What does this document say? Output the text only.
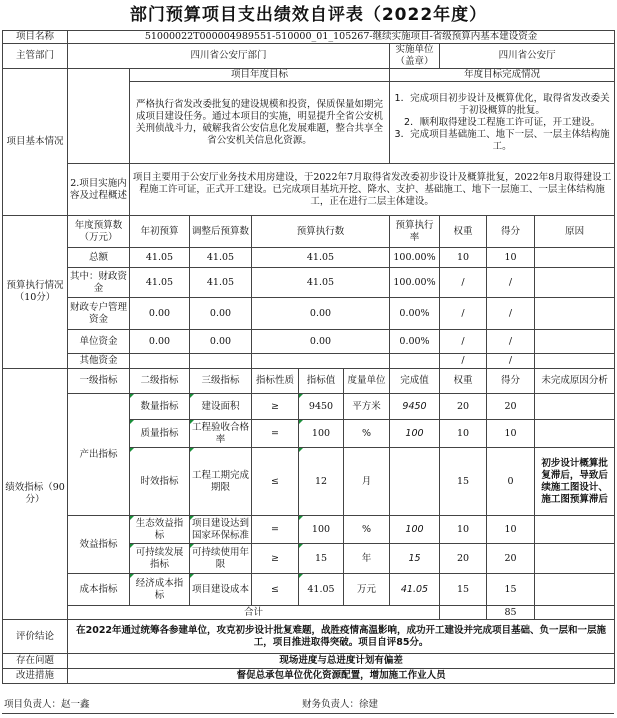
部门预算项目支出绩效自评表（2022年度）
项目名称	51000022T000004989551-510000_01_105267-继续实施项目-省级预算内基本建设资金									
主管部门	四川省公安厅部门						实施单位（盖章）	四川省公安厅		
项目基本情况		项目年度目标					年度目标完成情况			
		严格执行省发改委批复的建设规模和投资，保质保量如期完成项目建设任务。通过本项目的实施，明显提升全省公安机关刑侦战斗力，破解我省公安信息化发展难题，整合共享全省公安机关信息化资源。					1．完成项目初步设计及概算优化，取得省发改委关于初设概算的批复。
2．顺利取得建设工程施工许可证，开工建设。
3．完成项目基础施工、地下一层、一层主体结构施工。			

	2.项目实施内容及过程概述	项目主要用于公安厅业务技术用房建设，于2022年7月取得省发改委初步设计及概算批复，2022年8月取得建设工程施工许可证，正式开工建设。已完成项目基坑开挖、降水、支护、基础施工、地下一层施工、一层主体结构施工，正在进行二层主体建设。								
预算执行情况（10分）	年度预算数（万元）	年初预算	调整后预算数	预算执行数			预算执行率	权重	得分	原因
	总额	41.05	41.05	41.05			100.00%	10	10	
	其中：财政资金	41.05	41.05	41.05			100.00%	/	/	
	财政专户管理资金	0.00	0.00	0.00			0.00%	/	/	
	单位资金	0.00	0.00	0.00			0.00%	/	/	
	其他资金							/	/	
绩效指标（90分）	一级指标	二级指标	三级指标	指标性质	指标值	度量单位	完成值	权重	得分	未完成原因分析
	产出指标	数量指标	建设面积	≥	9450	平方米	9450	20	20	
		质量指标	工程验收合格率	=	100	%	100	10	10	
		时效指标	工程工期完成期限	≤	12	月		15	0	初步设计概算批复滞后，导致后续施工图设计、施工图预算滞后
	效益指标	生态效益指标	项目建设达到国家环保标准	=	100	%	100	10	10	
		可持续发展指标	可持续使用年限	≥	15	年	15	20	20	
	成本指标	经济成本指标	项目建设成本	≤	41.05	万元	41.05	15	15	
	合计								85	
评价结论	在2022年通过统筹各参建单位，攻克初步设计批复难题，战胜疫情高温影响，成功开工建设并完成项目基础、负一层和一层施工，项目推进取得突破。项目自评85分。									
存在问题	现场进度与总进度计划有偏差									
改进措施	督促总承包单位优化资源配置，增加施工作业人员									
项目负责人：赵一鑫	财务负责人：徐建
